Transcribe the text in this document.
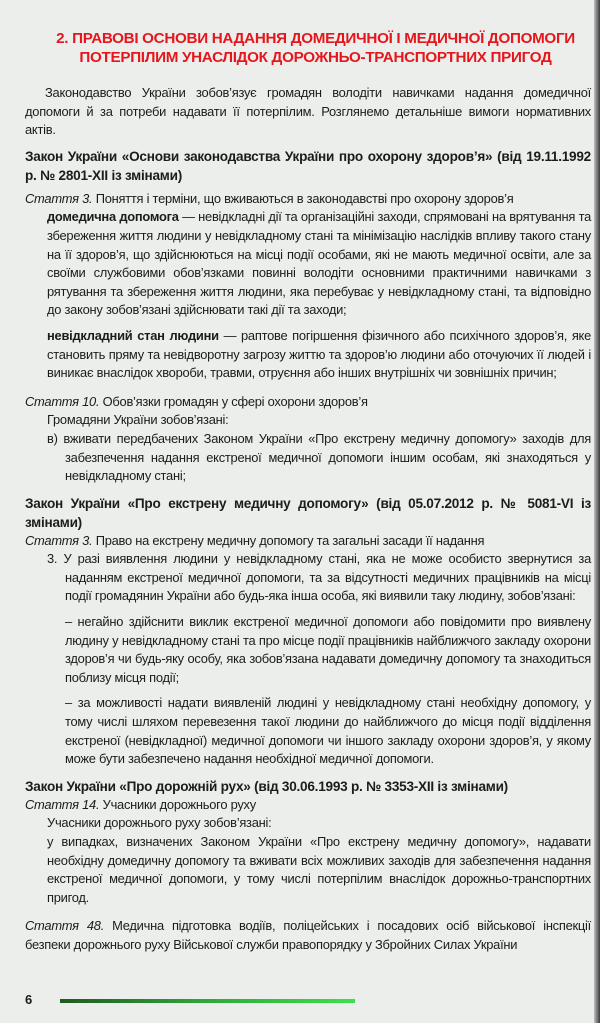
2. ПРАВОВІ ОСНОВИ НАДАННЯ ДОМЕДИЧНОЇ І МЕДИЧНОЇ ДОПОМОГИ
ПОТЕРПІЛИМ УНАСЛІДОК ДОРОЖНЬО-ТРАНСПОРТНИХ ПРИГОД

Законодавство України зобов’язує громадян володіти навичками надання домедичної допомоги й за потреби надавати її потерпілим. Розглянемо детальніше вимоги нормативних актів.

Закон України «Основи законодавства України про охорону здоров’я» (від 19.11.1992 р. № 2801-XII із змінами)

Стаття 3. Поняття і терміни, що вживаються в законодавстві про охорону здоров’я

домедична допомога — невідкладні дії та організаційні заходи, спрямовані на врятування та збереження життя людини у невідкладному стані та мінімізацію наслідків впливу такого стану на її здоров’я, що здійснюються на місці події особами, які не мають медичної освіти, але за своїми службовими обов’язками повинні володіти основними практичними навичками з рятування та збереження життя людини, яка перебуває у невідкладному стані, та відповідно до закону зобов’язані здійснювати такі дії та заходи;

невідкладний стан людини — раптове погіршення фізичного або психічного здоров’я, яке становить пряму та невідворотну загрозу життю та здоров’ю людини або оточуючих її людей і виникає внаслідок хвороби, травми, отруєння або інших внутрішніх чи зовнішніх причин;

Стаття 10. Обов’язки громадян у сфері охорони здоров’я

Громадяни України зобов’язані:

в) вживати передбачених Законом України «Про екстрену медичну допомогу» заходів для забезпечення надання екстреної медичної допомоги іншим особам, які знаходяться у невідкладному стані;

Закон України «Про екстрену медичну допомогу» (від 05.07.2012 р. № 5081-VI із змінами)

Стаття 3. Право на екстрену медичну допомогу та загальні засади її надання

3. У разі виявлення людини у невідкладному стані, яка не може особисто звернутися за наданням екстреної медичної допомоги, та за відсутності медичних працівників на місці події громадянин України або будь-яка інша особа, які виявили таку людину, зобов’язані:

– негайно здійснити виклик екстреної медичної допомоги або повідомити про виявлену людину у невідкладному стані та про місце події працівників найближчого закладу охорони здоров’я чи будь-яку особу, яка зобов’язана надавати домедичну допомогу та знаходиться поблизу місця події;

– за можливості надати виявленій людині у невідкладному стані необхідну допомогу, у тому числі шляхом перевезення такої людини до найближчого до місця події відділення екстреної (невідкладної) медичної допомоги чи іншого закладу охорони здоров’я, у якому може бути забезпечено надання необхідної медичної допомоги.

Закон України «Про дорожній рух» (від 30.06.1993 р. № 3353-XII із змінами)

Стаття 14. Учасники дорожнього руху

Учасники дорожнього руху зобов’язані:

у випадках, визначених Законом України «Про екстрену медичну допомогу», надавати необхідну домедичну допомогу та вживати всіх можливих заходів для забезпечення надання екстреної медичної допомоги, у тому числі потерпілим внаслідок дорожньо-транспортних пригод.

Стаття 48. Медична підготовка водіїв, поліцейських і посадових осіб військової інспекції безпеки дорожнього руху Військової служби правопорядку у Збройних Силах України

6
